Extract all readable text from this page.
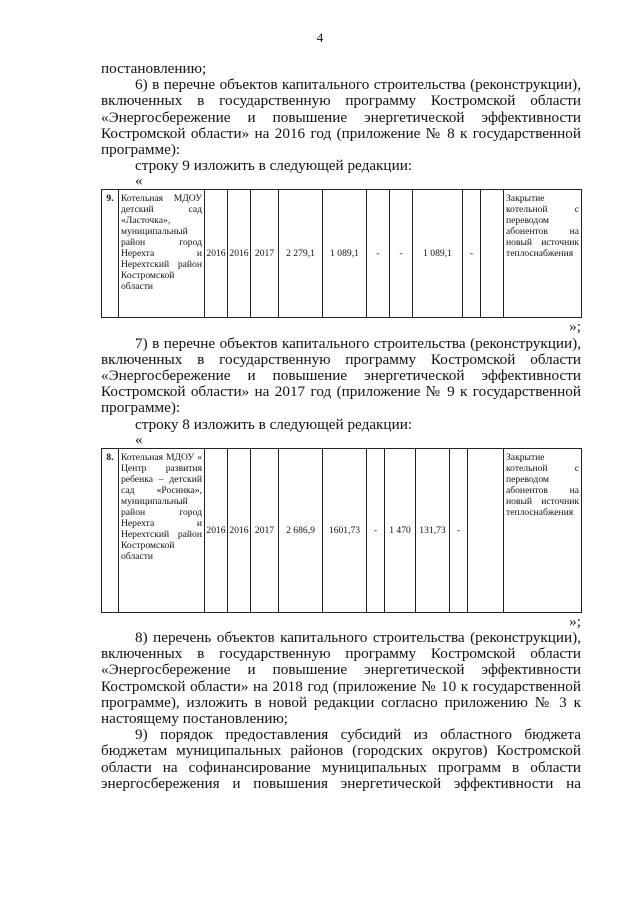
4

постановлению;

6) в перечне объектов капитального строительства (реконструкции), включенных в государственную программу Костромской области «Энергосбережение и повышение энергетической эффективности Костромской области» на 2016 год (приложение № 8 к государственной программе):

строку 9 изложить в следующей редакции:

«

9.	Котельная МДОУ детский сад «Ласточка», муниципальный район город Нерехта и Нерехтский район Костромской области	2016	2016	2017	2 279,1	1 089,1	-	-	1 089,1	-		Закрытие котельной с переводом абонентов на новый источник теплоснабжения

»;

7) в перечне объектов капитального строительства (реконструкции), включенных в государственную программу Костромской области «Энергосбережение и повышение энергетической эффективности Костромской области» на 2017 год (приложение № 9 к государственной программе):

строку 8 изложить в следующей редакции:

«

8.	Котельная МДОУ « Центр развития ребенка – детский сад «Росинка», муниципальный район город Нерехта и Нерехтский район Костромской области	2016	2016	2017	2 686,9	1601,73	-	1 470	131,73	-		Закрытие котельной с переводом абонентов на новый источник теплоснабжения

»;

8) перечень объектов капитального строительства (реконструкции), включенных в государственную программу Костромской области «Энергосбережение и повышение энергетической эффективности Костромской области» на 2018 год (приложение № 10 к государственной программе), изложить в новой редакции согласно приложению № 3 к настоящему постановлению;

9) порядок предоставления субсидий из областного бюджета бюджетам муниципальных районов (городских округов) Костромской области на софинансирование муниципальных программ в области энергосбережения и повышения энергетической эффективности на
